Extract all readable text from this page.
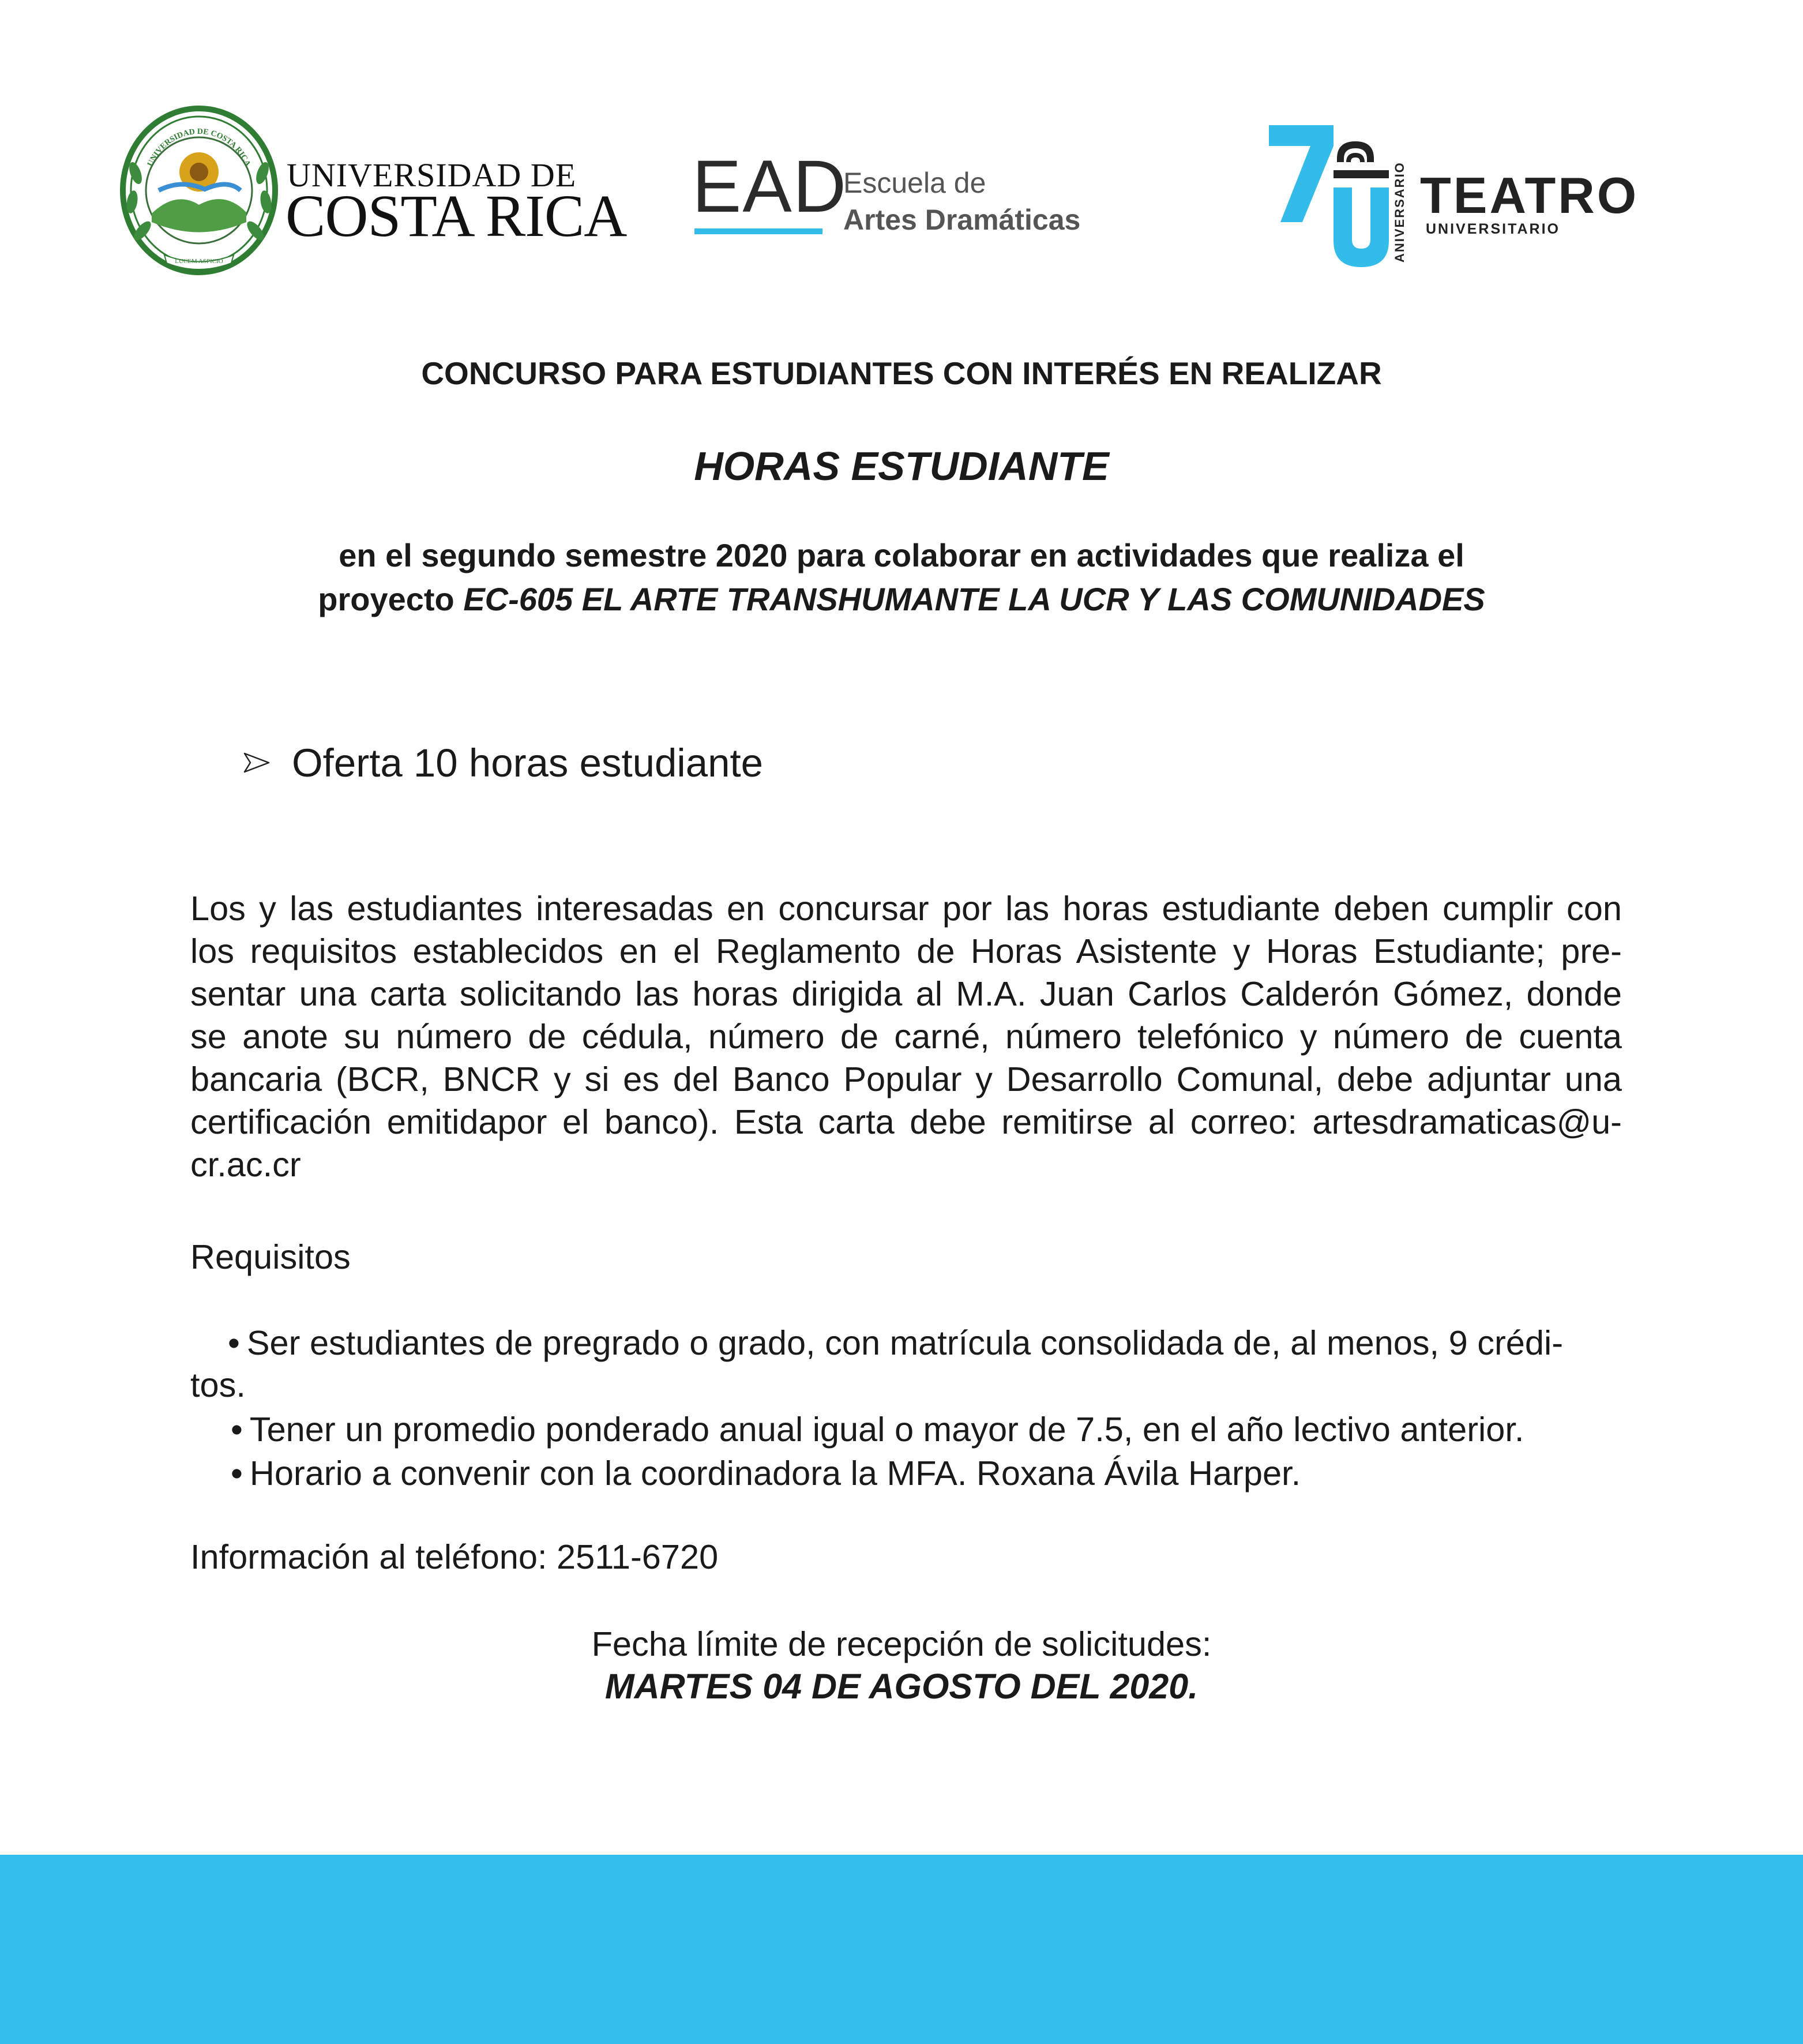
LUCEM ASPICIO
UNIVERSIDAD DE COSTA RICA UNIVERSIDAD DE
COSTA RICA EAD
Escuela de
Artes Dramáticas	ANIVERSARIO TEATRO
UNIVERSITARIO
CONCURSO PARA ESTUDIANTES CON INTERÉS EN REALIZAR
HORAS ESTUDIANTE
en el segundo semestre 2020 para colaborar en actividades que realiza el
proyecto EC-605 EL ARTE TRANSHUMANTE LA UCR Y LAS COMUNIDADES
Oferta 10 horas estudiante
Los y las estudiantes interesadas en concursar por las horas estudiante deben cumplir con
los requisitos establecidos en el Reglamento de Horas Asistente y Horas Estudiante; pre-
sentar una carta solicitando las horas dirigida al M.A. Juan Carlos Calderón Gómez, donde
se anote su número de cédula, número de carné, número telefónico y número de cuenta
bancaria (BCR, BNCR y si es del Banco Popular y Desarrollo Comunal, debe adjuntar una
certificación emitidapor el banco). Esta carta debe remitirse al correo: artesdramaticas@u-
cr.ac.cr
Requisitos
• Ser estudiantes de pregrado o grado, con matrícula consolidada de, al menos, 9 crédi-
tos.
• Tener un promedio ponderado anual igual o mayor de 7.5, en el año lectivo anterior.
• Horario a convenir con la coordinadora la MFA. Roxana Ávila Harper.
Información al teléfono: 2511-6720
Fecha límite de recepción de solicitudes:
MARTES 04 DE AGOSTO DEL 2020.
